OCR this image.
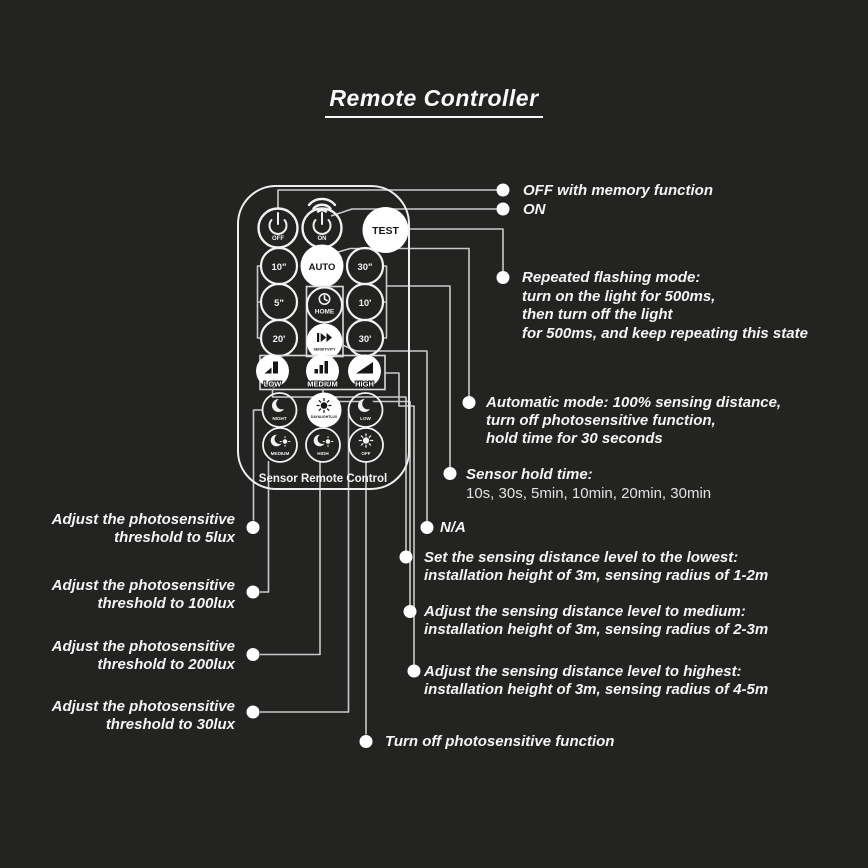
Remote Controller
OFF	ON
TEST
10" AUTO 30"
5"
HOME
10'
20'
SENSITIVITY
30'
LOW	MEDIUM HIGH
NIGHT	DAY&LIGHTLUX	LOW
MEDIUM	HIGH	OFF
Sensor Remote Control
OFF with memory function
ON
Repeated flashing mode:
turn on the light for 500ms,
then turn off the light
for 500ms, and keep repeating this state
Automatic mode: 100% sensing distance,
turn off photosensitive function,
hold time for 30 seconds
Sensor hold time:
10s, 30s, 5min, 10min, 20min, 30min
N/A
Set the sensing distance level to the lowest:
installation height of 3m, sensing radius of 1-2m
Adjust the sensing distance level to medium:
installation height of 3m, sensing radius of 2-3m
Adjust the sensing distance level to highest:
installation height of 3m, sensing radius of 4-5m
Turn off photosensitive function
Adjust the photosensitive
threshold to 5lux
Adjust the photosensitive
threshold to 100lux
Adjust the photosensitive
threshold to 200lux
Adjust the photosensitive
threshold to 30lux
